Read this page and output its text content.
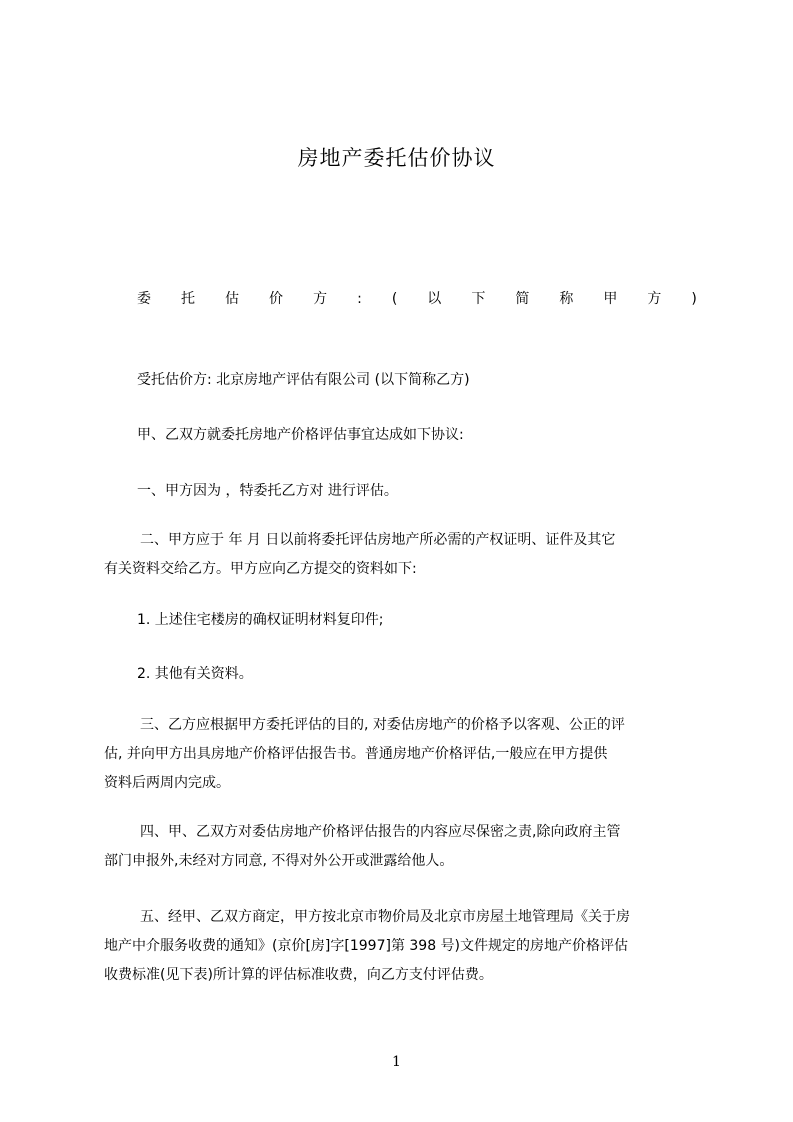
房地产委托估价协议
委 托 估 价 方 : ( 以 下 简 称 甲 方 )
受托估价方: 北京房地产评估有限公司 (以下简称乙方)
甲、乙双方就委托房地产价格评估事宜达成如下协议:
一、甲方因为 ，特委托乙方对 进行评估。
二、甲方应于 年 月 日以前将委托评估房地产所必需的产权证明、证件及其它
有关资料交给乙方。甲方应向乙方提交的资料如下:
1. 上述住宅楼房的确权证明材料复印件;
2. 其他有关资料。
三、乙方应根据甲方委托评估的目的, 对委估房地产的价格予以客观、公正的评
估, 并向甲方出具房地产价格评估报告书。普通房地产价格评估,一般应在甲方提供
资料后两周内完成。
四、甲、乙双方对委估房地产价格评估报告的内容应尽保密之责,除向政府主管
部门申报外,未经对方同意, 不得对外公开或泄露给他人。
五、经甲、乙双方商定，甲方按北京市物价局及北京市房屋土地管理局《关于房
地产中介服务收费的通知》(京价[房]字[1997]第 398 号)文件规定的房地产价格评估
收费标准(见下表)所计算的评估标准收费，向乙方支付评估费。
1
